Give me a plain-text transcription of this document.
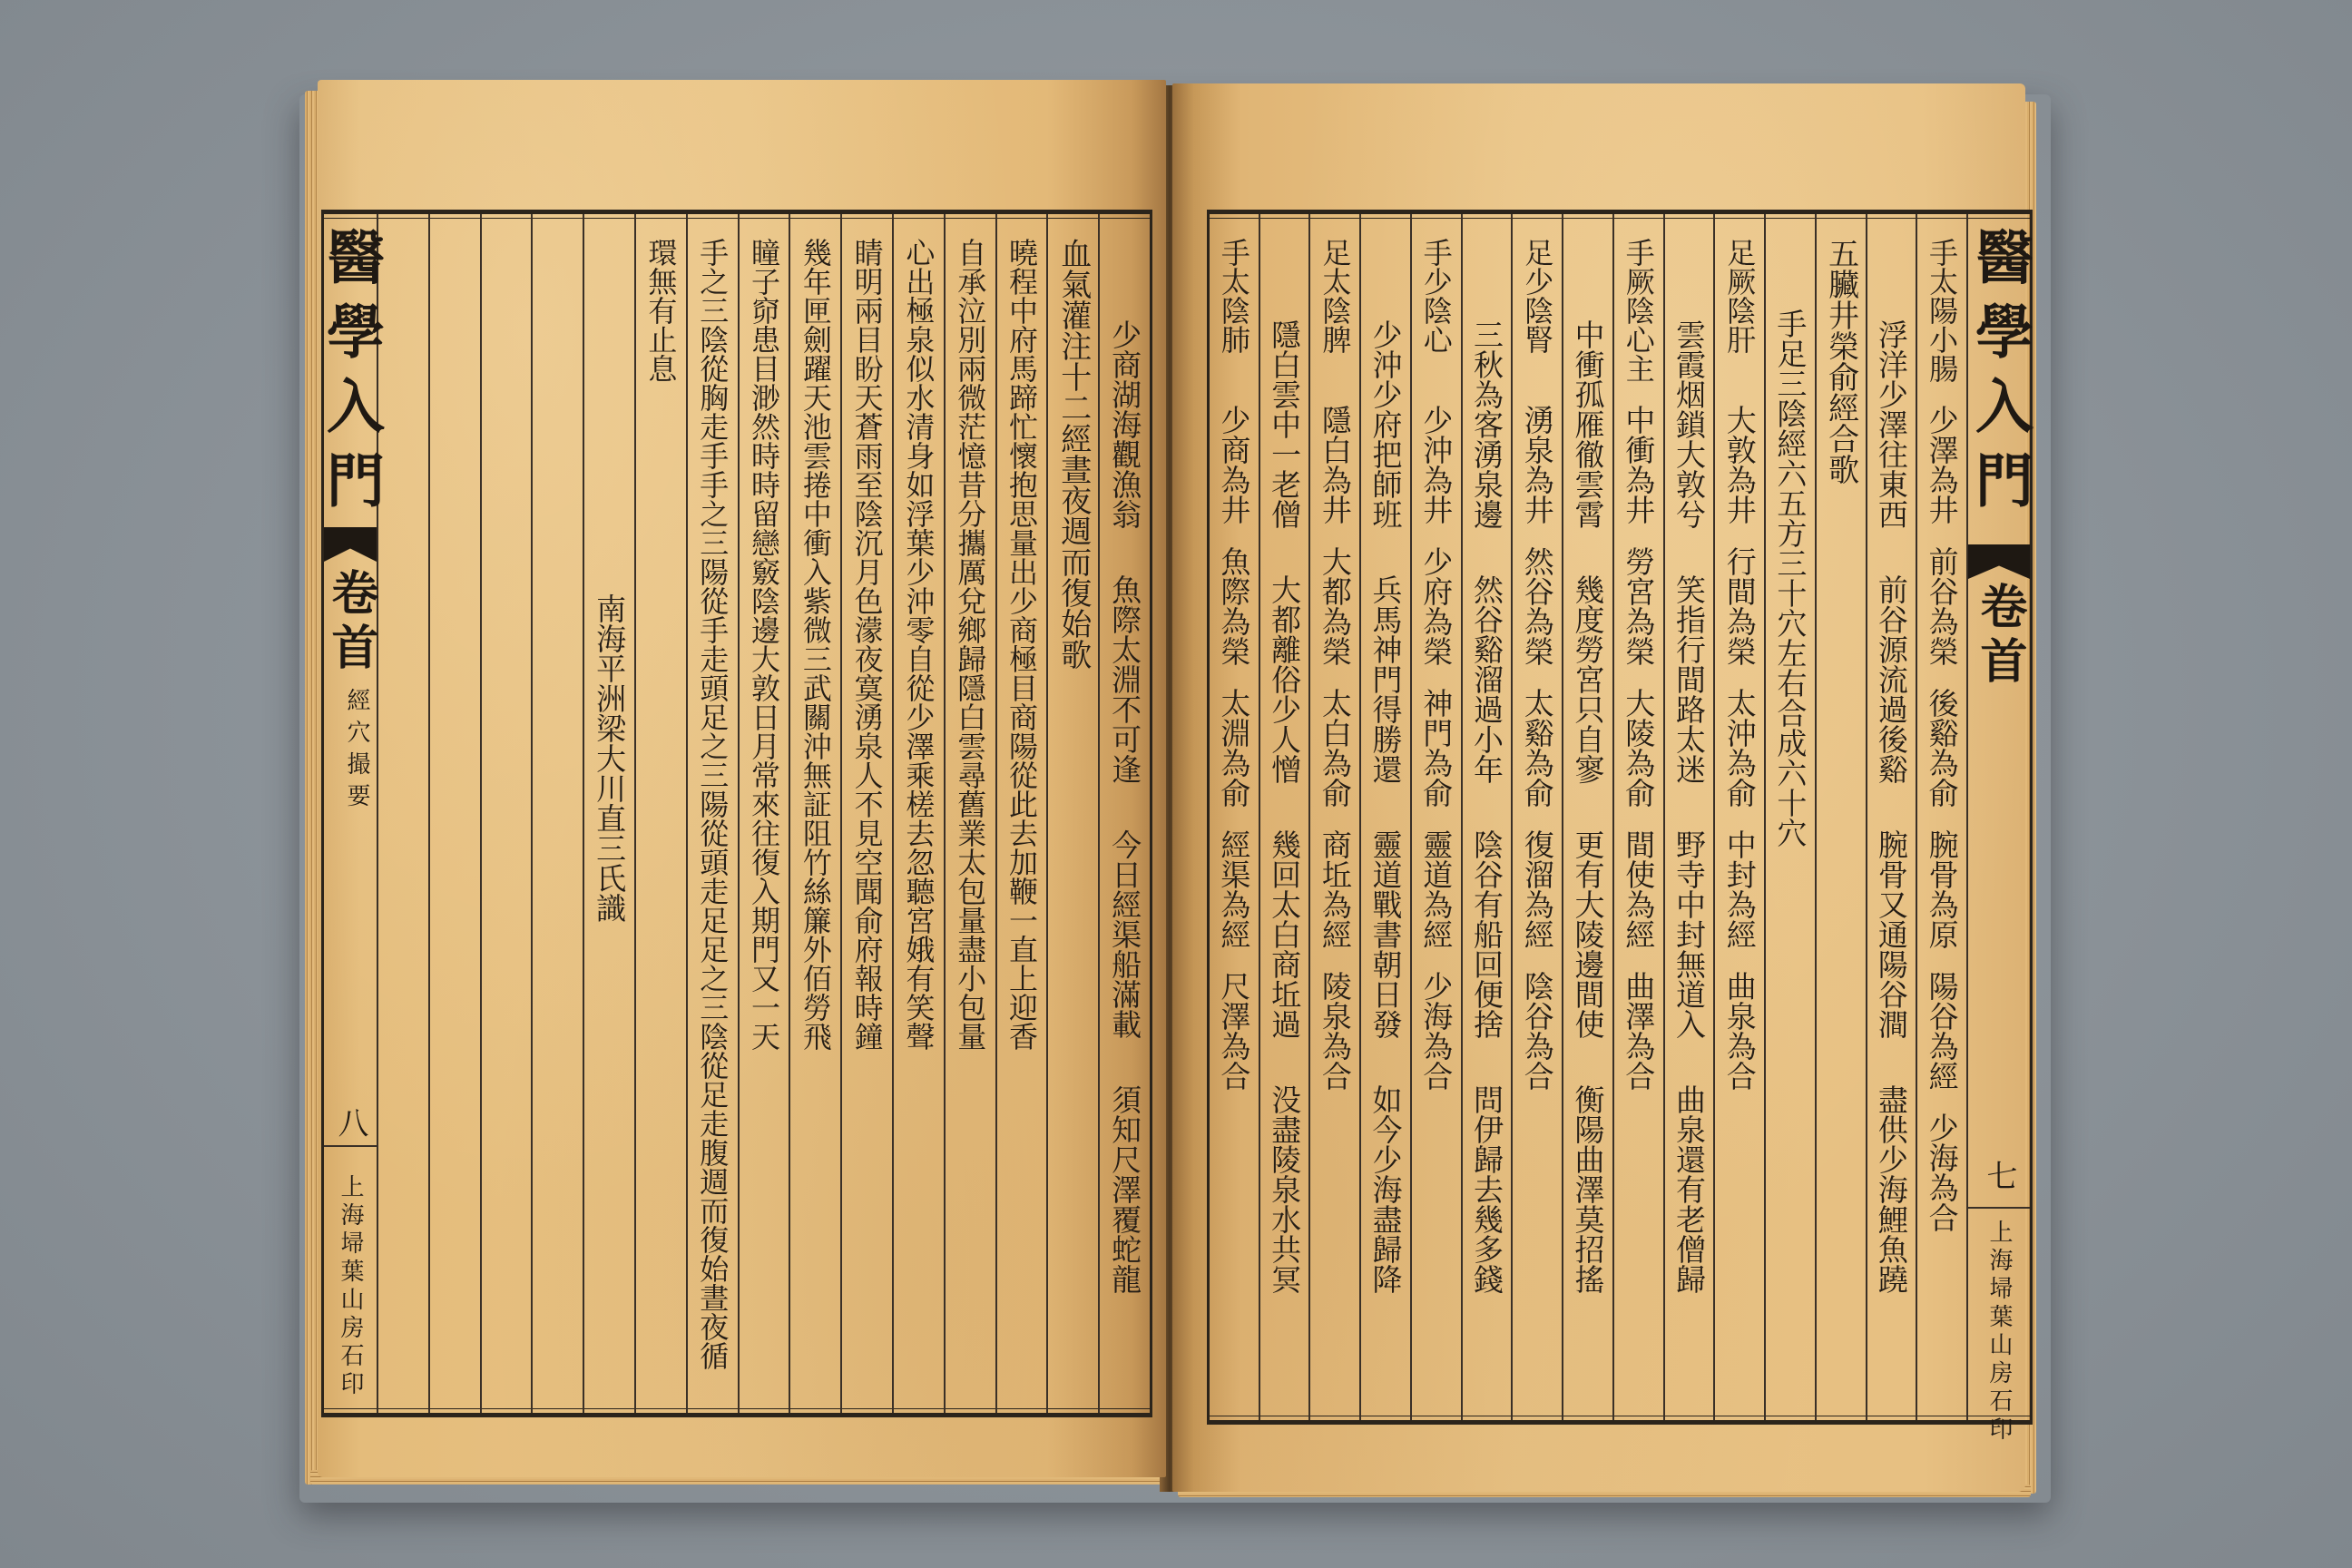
醫學入門
卷首
經穴撮要
八
上海埽葉山房石印
少商湖海觀漁翁
魚際太淵不可逢
今日經渠船滿載
須知尺澤覆蛇龍
血氣灌注十二經晝夜週而復始歌
曉程中府馬蹄忙懷抱思量出少商極目商陽從此去加鞭一直上迎香
自承泣別兩微茫憶昔分攜厲兌鄉歸隱白雲尋舊業太包量盡小包量
心出極泉似水清身如浮葉少沖零自從少澤乘槎去忽聽宮娥有笑聲
睛明兩目盼天蒼雨至陰沉月色濛夜寞湧泉人不見空聞俞府報時鐘
幾年匣劍躍天池雲捲中衝入紫微三武關沖無証阻竹絲簾外佰勞飛
瞳子窌患目渺然時時留戀竅陰邊大敦日月常來往復入期門又一天
手之三陰從胸走手手之三陽從手走頭足之三陽從頭走足足之三陰從足走腹週而復始晝夜循
環無有止息
南海平洲梁大川直三氏識
手太陽小腸
少澤為井
前谷為榮
後谿為俞
腕骨為原
陽谷為經
少海為合
浮洋少澤往東西
前谷源流過後谿
腕骨又通陽谷澗
盡供少海鯉魚蹺
五臟井榮俞經合歌
手足三陰經六五方三十穴左右合成六十穴
足厥陰肝
大敦為井
行間為榮
太沖為俞
中封為經
曲泉為合
雲霞烟鎖大敦兮
笑指行間路太迷
野寺中封無道入
曲泉還有老僧歸
手厥陰心主
中衝為井
勞宮為榮
大陵為俞
間使為經
曲澤為合
中衝孤雁徹雲霄
幾度勞宮只自寥
更有大陵邊間使
衡陽曲澤莫招搖
足少陰腎
湧泉為井
然谷為榮
太谿為俞
復溜為經
陰谷為合
三秋為客湧泉邊
然谷谿溜過小年
陰谷有船回便捨
問伊歸去幾多錢
手少陰心
少沖為井
少府為榮
神門為俞
靈道為經
少海為合
少沖少府把師班
兵馬神門得勝還
靈道戰書朝日發
如今少海盡歸降
足太陰脾
隱白為井
大都為榮
太白為俞
商坵為經
陵泉為合
隱白雲中一老僧
大都離俗少人憎
幾回太白商坵過
没盡陵泉水共冥
手太陰肺
少商為井
魚際為榮
太淵為俞
經渠為經
尺澤為合
醫學入門
卷首
七
上海埽葉山房石印
